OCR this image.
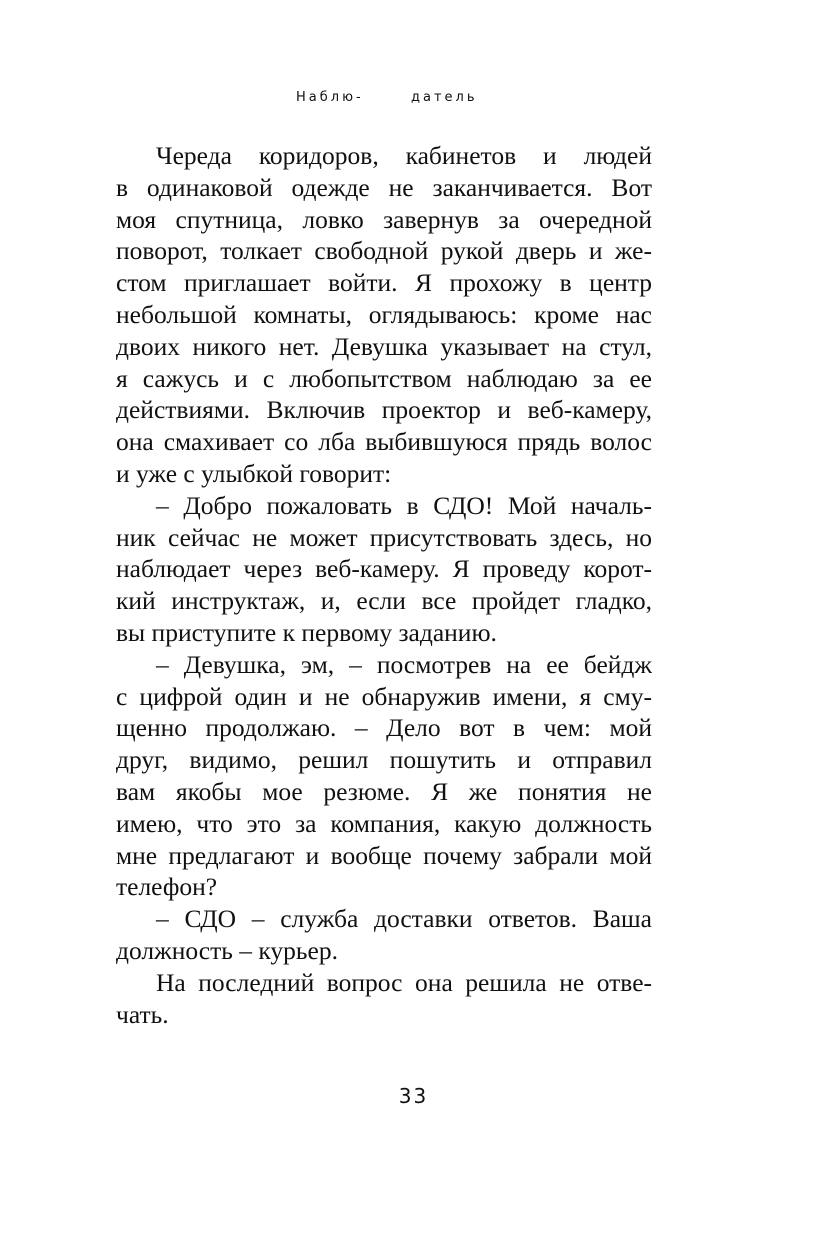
Наблю-	датель
Череда коридоров, кабинетов и людей
в одинаковой одежде не заканчивается. Вот
моя спутница, ловко завернув за очередной
поворот, толкает свободной рукой дверь и же-
стом приглашает войти. Я прохожу в центр
небольшой комнаты, оглядываюсь: кроме нас
двоих никого нет. Девушка указывает на стул,
я сажусь и с любопытством наблюдаю за ее
действиями. Включив проектор и веб-камеру,
она смахивает со лба выбившуюся прядь волос
и уже с улыбкой говорит:
– Добро пожаловать в СДО! Мой началь-
ник сейчас не может присутствовать здесь, но
наблюдает через веб-камеру. Я проведу корот-
кий инструктаж, и, если все пройдет гладко,
вы приступите к первому заданию.
– Девушка, эм, – посмотрев на ее бейдж
с цифрой один и не обнаружив имени, я сму-
щенно продолжаю. – Дело вот в чем: мой
друг, видимо, решил пошутить и отправил
вам якобы мое резюме. Я же понятия не
имею, что это за компания, какую должность
мне предлагают и вообще почему забрали мой
телефон?
– СДО – служба доставки ответов. Ваша
должность – курьер.
На последний вопрос она решила не отве-
чать.
33
